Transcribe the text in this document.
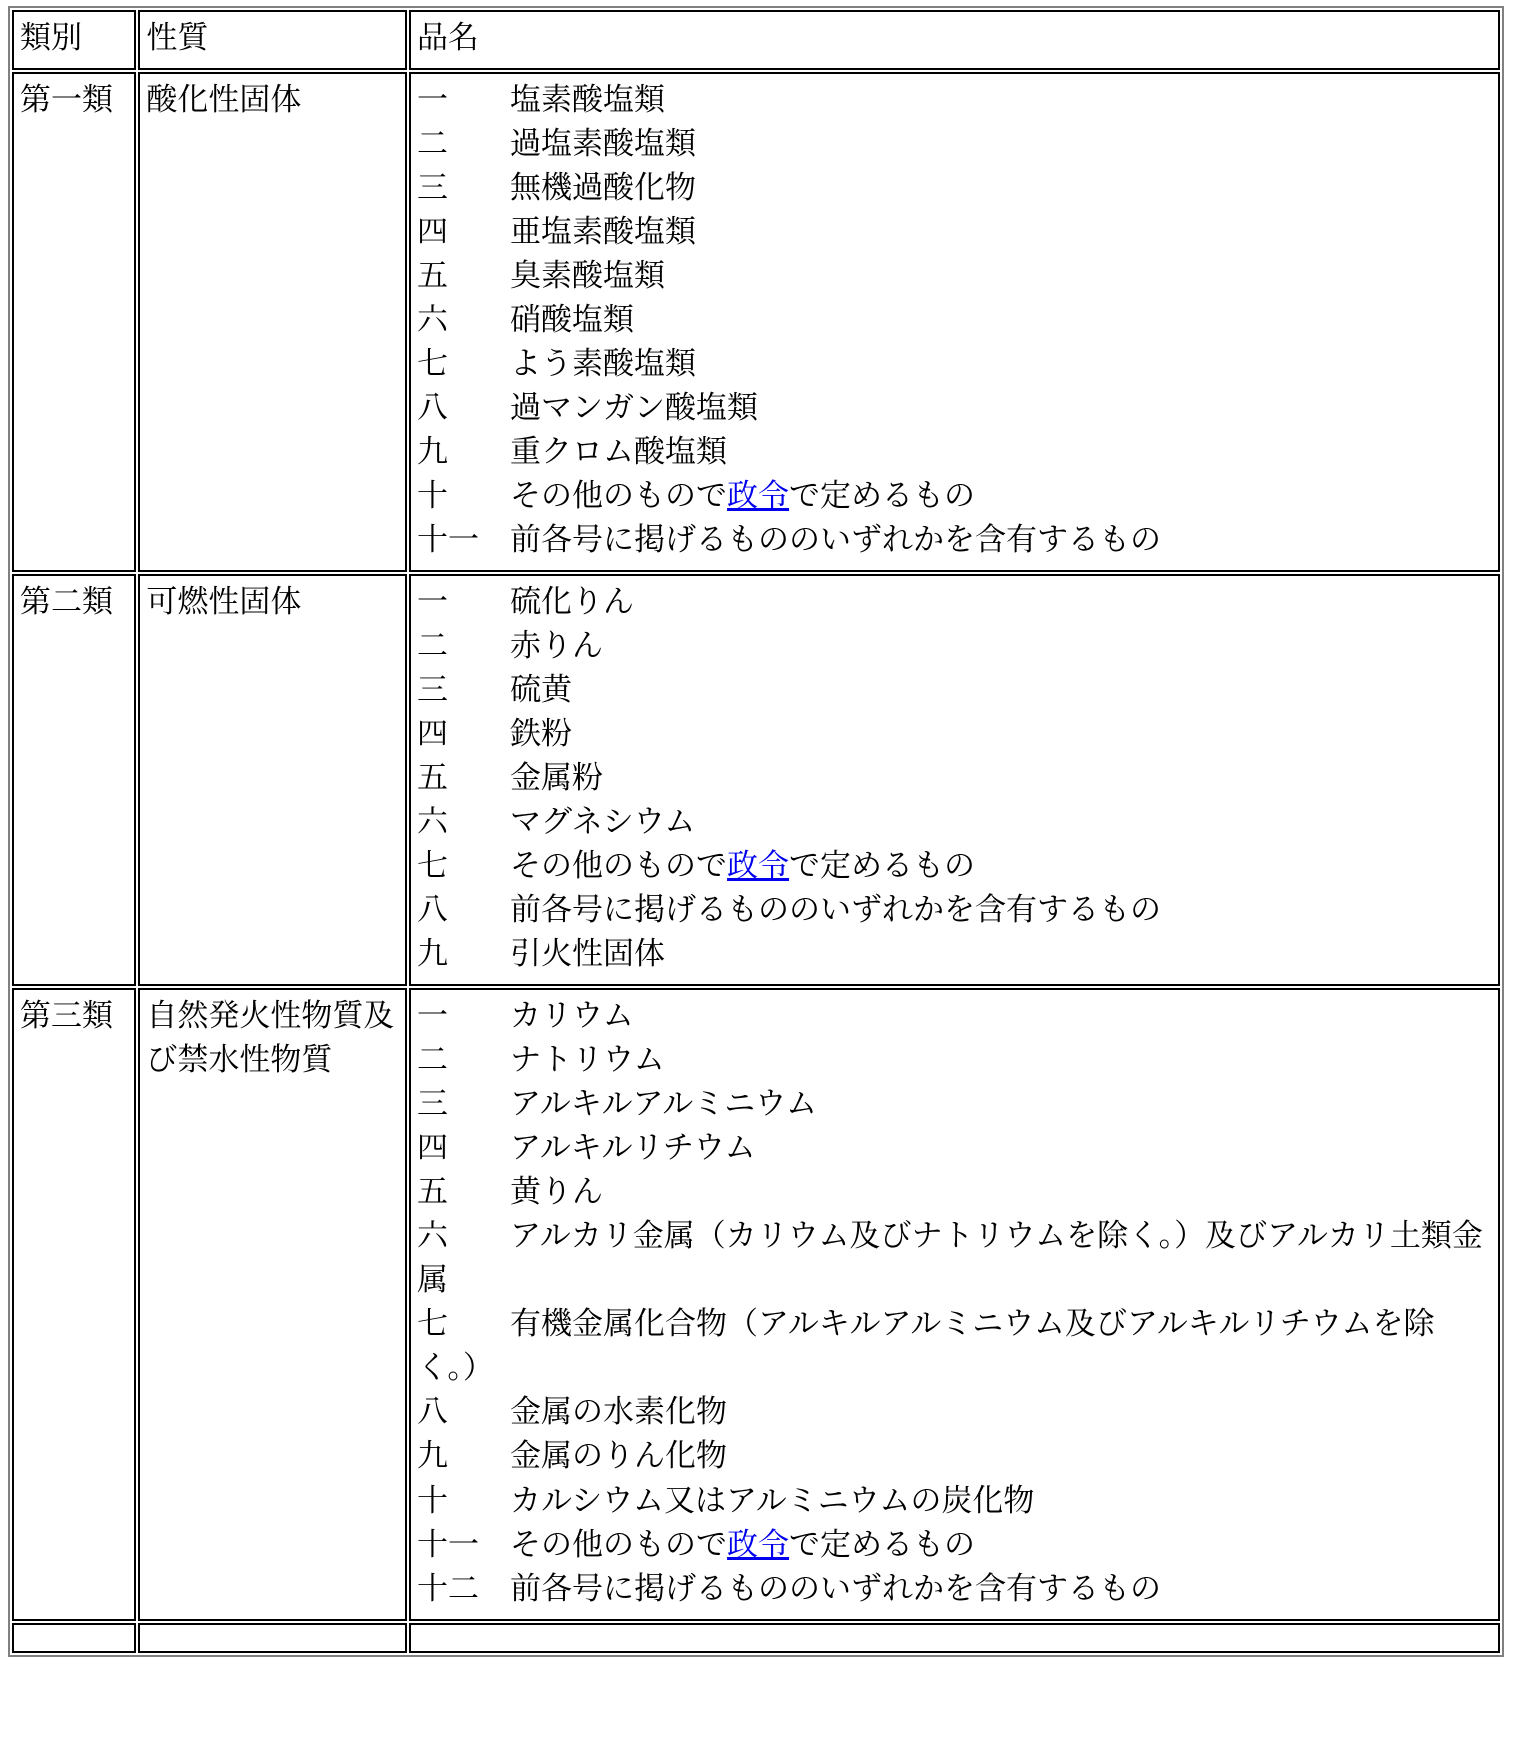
類別	性質	品名
第一類	酸化性固体	一　　塩素酸塩類
二　　過塩素酸塩類
三　　無機過酸化物
四　　亜塩素酸塩類
五　　臭素酸塩類
六　　硝酸塩類
七　　よう素酸塩類
八　　過マンガン酸塩類
九　　重クロム酸塩類
十　　その他のもので政令で定めるもの
十一　前各号に掲げるもののいずれかを含有するもの

第二類	可燃性固体	一　　硫化りん
二　　赤りん
三　　硫黄
四　　鉄粉
五　　金属粉
六　　マグネシウム
七　　その他のもので政令で定めるもの
八　　前各号に掲げるもののいずれかを含有するもの
九　　引火性固体

第三類	自然発火性物質及び禁水性物質	
一　　カリウム
二　　ナトリウム
三　　アルキルアルミニウム
四　　アルキルリチウム
五　　黄りん
六　　アルカリ金属（カリウム及びナトリウムを除く。）及びアルカリ土類金属
七　　有機金属化合物（アルキルアルミニウム及びアルキルリチウムを除く。）
八　　金属の水素化物
九　　金属のりん化物
十　　カルシウム又はアルミニウムの炭化物
十一　その他のもので政令で定めるもの
十二　前各号に掲げるもののいずれかを含有するもの
